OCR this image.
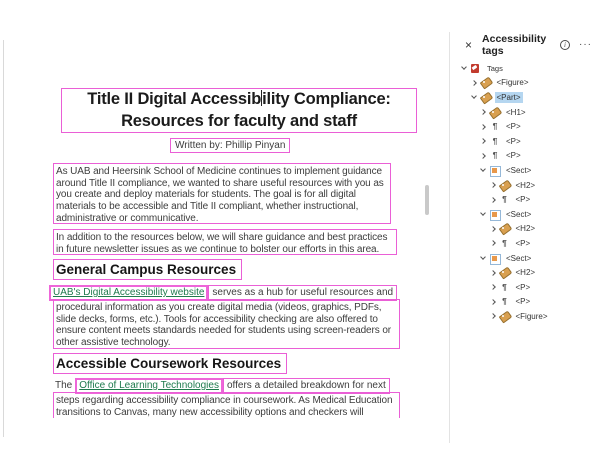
Title II Digital Accessibility Compliance:
Resources for faculty and staff
Written by: Phillip Pinyan
As UAB and Heersink School of Medicine continues to implement guidance
around Title II compliance, we wanted to share useful resources with you as
you create and deploy materials for students. The goal is for all digital
materials to be accessible and Title II compliant, whether instructional,
administrative or communicative.
In addition to the resources below, we will share guidance and best practices
in future newsletter issues as we continue to bolster our efforts in this area.
General Campus Resources
UAB's Digital Accessibility website serves as a hub for useful resources and
procedural information as you create digital media (videos, graphics, PDFs,
slide decks, forms, etc.). Tools for accessibility checking are also offered to
ensure content meets standards needed for students using screen-readers or
other assistive technology.
Accessible Coursework Resources
The Office of Learning Technologies offers a detailed breakdown for next
steps regarding accessibility compliance in coursework. As Medical Education
transitions to Canvas, many new accessibility options and checkers will
× Accessibility tags	i	···
Tags
<Figure>
<Part>
<H1>
¶	<P>
¶	<P>
¶	<P>
<Sect>
<H2>
¶	<P>
<Sect>
<H2>
¶	<P>
<Sect>
<H2>
¶	<P>
¶	<P>
<Figure>
